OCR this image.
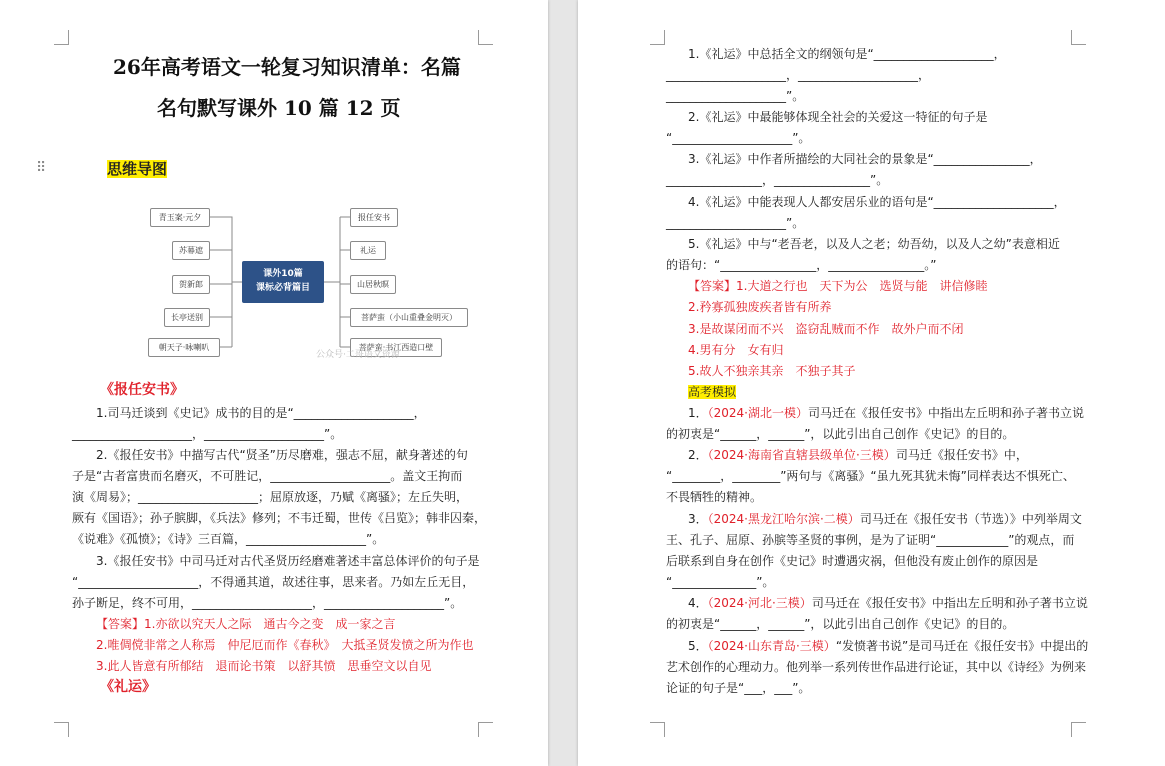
26年高考语文一轮复习知识清单：名篇
名句默写课外 10 篇 12 页
⠿	思维导图
青玉案·元夕
苏幕遮
贺新郎
长亭送别
朝天子·咏喇叭
课外10篇
课标必背篇目
报任安书
礼运
山居秋暝
菩萨蛮（小山重叠金明灭）
菩萨蛮·书江西造口壁
公众号·二哥语文资源
《报任安书》
1.司马迁谈到《史记》成书的目的是“____________________，
____________________，____________________”。
2.《报任安书》中描写古代“贤圣”历尽磨难，强志不屈，献身著述的句
子是“古者富贵而名磨灭，不可胜记，____________________。盖文王拘而
演《周易》；____________________；屈原放逐，乃赋《离骚》；左丘失明，
厥有《国语》；孙子膑脚，《兵法》修列；不韦迁蜀，世传《吕览》；韩非囚秦，
《说难》《孤愤》；《诗》三百篇，____________________”。
3.《报任安书》中司马迁对古代圣贤历经磨难著述丰富总体评价的句子是
“____________________，不得通其道，故述往事，思来者。乃如左丘无目，
孙子断足，终不可用，____________________，____________________”。
【答案】1.亦欲以究天人之际　通古今之变　成一家之言
2.唯倜傥非常之人称焉　仲尼厄而作《春秋》　大抵圣贤发愤之所为作也
3.此人皆意有所郁结　退而论书策　以舒其愤　思垂空文以自见
《礼运》
1.《礼运》中总括全文的纲领句是“____________________，
____________________，____________________，
____________________”。
2.《礼运》中最能够体现全社会的关爱这一特征的句子是
“____________________”。
3.《礼运》中作者所描绘的大同社会的景象是“________________，
________________，________________”。
4.《礼运》中能表现人人都安居乐业的语句是“____________________，
____________________”。
5.《礼运》中与“老吾老，以及人之老；幼吾幼，以及人之幼”表意相近
的语句：“________________，________________。”
【答案】1.大道之行也　天下为公　选贤与能　讲信修睦
2.矜寡孤独废疾者皆有所养
3.是故谋闭而不兴　盗窃乱贼而不作　故外户而不闭
4.男有分　女有归
5.故人不独亲其亲　不独子其子
高考模拟
1．（2024·湖北一模）司马迁在《报任安书》中指出左丘明和孙子著书立说
的初衷是“______，______”，以此引出自己创作《史记》的目的。
2．（2024·海南省直辖县级单位·三模）司马迁《报任安书》中，
“________，________”两句与《离骚》“虽九死其犹未悔”同样表达不惧死亡、
不畏牺牲的精神。
3．（2024·黑龙江哈尔滨·二模）司马迁在《报任安书（节选）》中列举周文
王、孔子、屈原、孙膑等圣贤的事例，是为了证明“____________”的观点，而
后联系到自身在创作《史记》时遭遇灾祸，但他没有废止创作的原因是
“______________”。
4．（2024·河北·三模）司马迁在《报任安书》中指出左丘明和孙子著书立说
的初衷是“______，______”，以此引出自己创作《史记》的目的。
5．（2024·山东青岛·三模）“发愤著书说”是司马迁在《报任安书》中提出的
艺术创作的心理动力。他列举一系列传世作品进行论证，其中以《诗经》为例来
论证的句子是“___，___”。
